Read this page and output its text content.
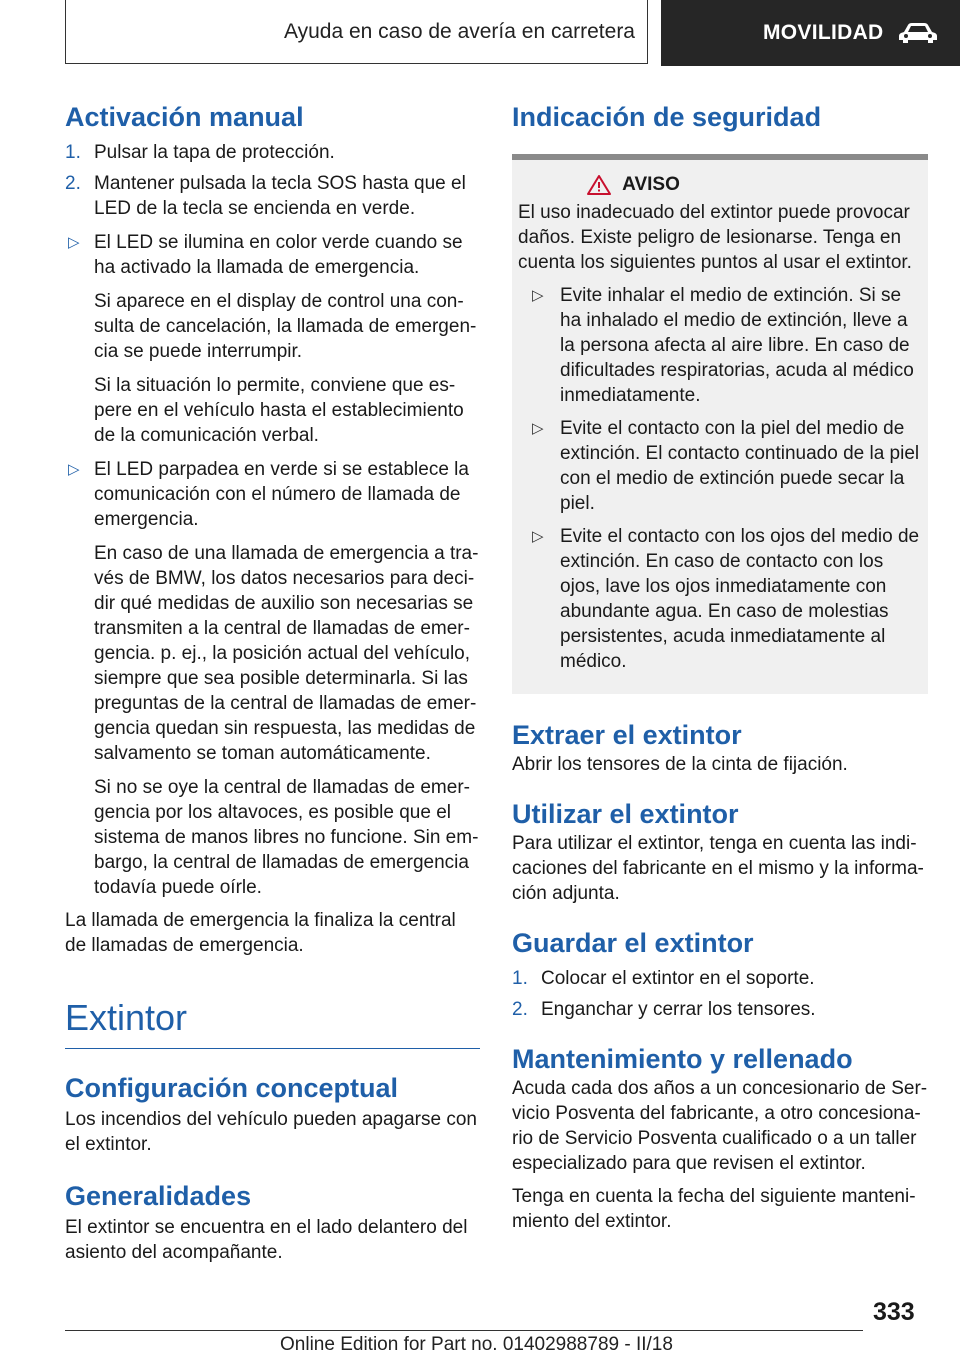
Ayuda en caso de avería en carretera	MOVILIDAD
Activación manual
1. Pulsar la tapa de protección.
2. Mantener pulsada la tecla SOS hasta que el LED de la tecla se encienda en verde.
▷ El LED se ilumina en color verde cuando se ha activado la llamada de emergencia.

Si aparece en el display de control una consulta de cancelación, la llamada de emergencia se puede interrumpir.

Si la situación lo permite, conviene que espere en el vehículo hasta el establecimiento de la comunicación verbal.

▷ El LED parpadea en verde si se establece la comunicación con el número de llamada de emergencia.

En caso de una llamada de emergencia a través de BMW, los datos necesarios para decidir qué medidas de auxilio son necesarias se transmiten a la central de llamadas de emergencia. p. ej., la posición actual del vehículo, siempre que sea posible determinarla. Si las preguntas de la central de llamadas de emergencia quedan sin respuesta, las medidas de salvamento se toman automáticamente.

Si no se oye la central de llamadas de emergencia por los altavoces, es posible que el sistema de manos libres no funcione. Sin embargo, la central de llamadas de emergencia todavía puede oírle.

La llamada de emergencia la finaliza la central de llamadas de emergencia.

Extintor
Configuración conceptual

Los incendios del vehículo pueden apagarse con el extintor.

Generalidades

El extintor se encuentra en el lado delantero del asiento del acompañante.

Indicación de seguridad
AVISO

El uso inadecuado del extintor puede provocar daños. Existe peligro de lesionarse. Tenga en cuenta los siguientes puntos al usar el extintor.

▷ Evite inhalar el medio de extinción. Si se ha inhalado el medio de extinción, lleve a la persona afecta al aire libre. En caso de dificultades respiratorias, acuda al médico inmediatamente.
▷ Evite el contacto con la piel del medio de extinción. El contacto continuado de la piel con el medio de extinción puede secar la piel.
▷ Evite el contacto con los ojos del medio de extinción. En caso de contacto con los ojos, lave los ojos inmediatamente con abundante agua. En caso de molestias persistentes, acuda inmediatamente al médico.
Extraer el extintor

Abrir los tensores de la cinta de fijación.

Utilizar el extintor

Para utilizar el extintor, tenga en cuenta las indicaciones del fabricante en el mismo y la información adjunta.

Guardar el extintor
1. Colocar el extintor en el soporte.
2. Enganchar y cerrar los tensores.
Mantenimiento y rellenado

Acuda cada dos años a un concesionario de Servicio Posventa del fabricante, a otro concesionario de Servicio Posventa cualificado o a un taller especializado para que revisen el extintor.

Tenga en cuenta la fecha del siguiente mantenimiento del extintor.

333
Online Edition for Part no. 01402988789 - II/18
